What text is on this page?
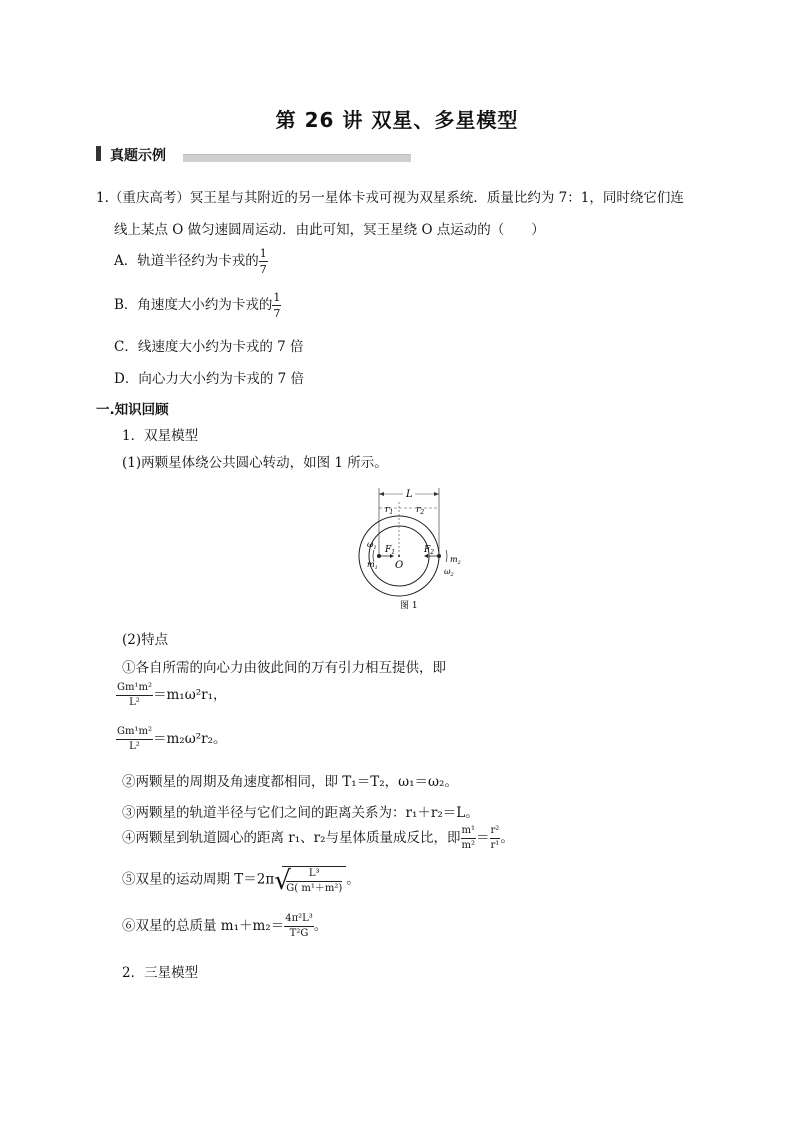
第 26 讲 双星、多星模型
真题示例
1.（重庆高考）冥王星与其附近的另一星体卡戎可视为双星系统．质量比约为 7：1，同时绕它们连
线上某点 O 做匀速圆周运动．由此可知，冥王星绕 O 点运动的（　　）
A．轨道半径约为卡戎的 $\frac{1}{7}$
B．角速度大小约为卡戎的 $\frac{1}{7}$
C．线速度大小约为卡戎的 7 倍
D．向心力大小约为卡戎的 7 倍
一.知识回顾
1．双星模型
(1)两颗星体绕公共圆心转动，如图 1 所示。
L
$r_1$	$r_2$
$F_1$	$F_2$
O
$\omega_1$
$m_1$
$m_2$
$\omega_2$
图 1
(2)特点
①各自所需的向心力由彼此间的万有引力相互提供，即
$\frac{\text{Gm¹m²}}{\text{L²}} =m_1\omega^2r_1$，
$\frac{\text{Gm¹m²}}{\text{L²}} =m_2\omega^2r_2$。
②两颗星的周期及角速度都相同，即 T₁＝T₂，ω₁＝ω₂。
③两颗星的轨道半径与它们之间的距离关系为：r₁＋r₂＝L。
④两颗星到轨道圆心的距离 r₁、r₂与星体质量成反比，即 $\frac{\text{m¹}}{\text{m²}} = \frac{\text{r²}}{\text{r¹}}$ 。
⑤双星的运动周期 T＝2π √
$\frac{\text{L³}}{\text{G( m¹＋m²)}}$ 。
⑥双星的总质量 $m_1+m_2= \frac{\text{4π²L³}}{\text{T²G}}$ 。
2．三星模型
